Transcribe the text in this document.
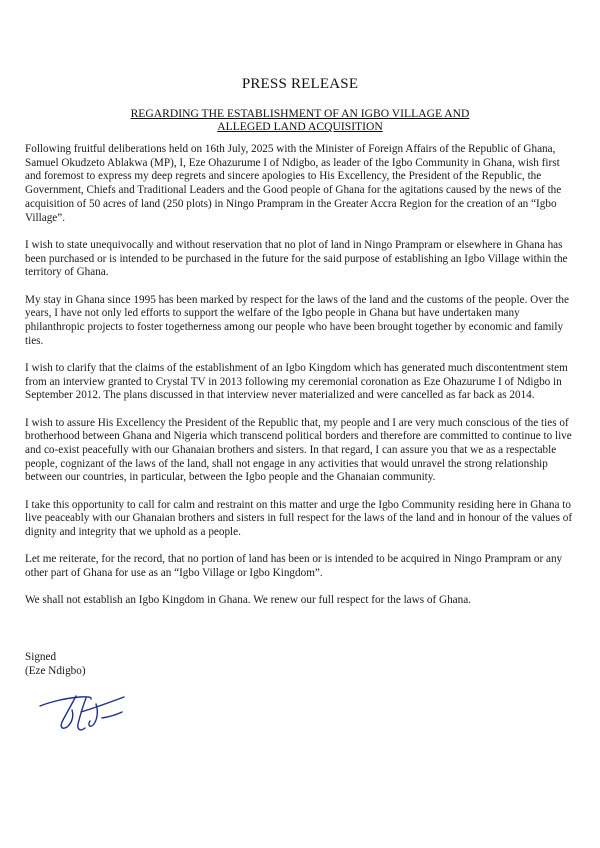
PRESS RELEASE
REGARDING THE ESTABLISHMENT OF AN IGBO VILLAGE AND
ALLEGED LAND ACQUISITION

Following fruitful deliberations held on 16th July, 2025 with the Minister of Foreign Affairs of the Republic of Ghana, Samuel Okudzeto Ablakwa (MP), I, Eze Ohazurume I of Ndigbo, as leader of the Igbo Community in Ghana, wish first and foremost to express my deep regrets and sincere apologies to His Excellency, the President of the Republic, the Government, Chiefs and Traditional Leaders and the Good people of Ghana for the agitations caused by the news of the acquisition of 50 acres of land (250 plots) in Ningo Prampram in the Greater Accra Region for the creation of an “Igbo Village”.

I wish to state unequivocally and without reservation that no plot of land in Ningo Prampram or elsewhere in Ghana has been purchased or is intended to be purchased in the future for the said purpose of establishing an Igbo Village within the territory of Ghana.

My stay in Ghana since 1995 has been marked by respect for the laws of the land and the customs of the people. Over the years, I have not only led efforts to support the welfare of the Igbo people in Ghana but have undertaken many philanthropic projects to foster togetherness among our people who have been brought together by economic and family ties.

I wish to clarify that the claims of the establishment of an Igbo Kingdom which has generated much discontentment stem from an interview granted to Crystal TV in 2013 following my ceremonial coronation as Eze Ohazurume I of Ndigbo in September 2012. The plans discussed in that interview never materialized and were cancelled as far back as 2014.

I wish to assure His Excellency the President of the Republic that, my people and I are very much conscious of the ties of brotherhood between Ghana and Nigeria which transcend political borders and therefore are committed to continue to live and co-exist peacefully with our Ghanaian brothers and sisters. In that regard, I can assure you that we as a respectable people, cognizant of the laws of the land, shall not engage in any activities that would unravel the strong relationship between our countries, in particular, between the Igbo people and the Ghanaian community.

I take this opportunity to call for calm and restraint on this matter and urge the Igbo Community residing here in Ghana to live peaceably with our Ghanaian brothers and sisters in full respect for the laws of the land and in honour of the values of dignity and integrity that we uphold as a people.

Let me reiterate, for the record, that no portion of land has been or is intended to be acquired in Ningo Prampram or any other part of Ghana for use as an “Igbo Village or Igbo Kingdom”.

We shall not establish an Igbo Kingdom in Ghana. We renew our full respect for the laws of Ghana.

Signed
(Eze Ndigbo)
